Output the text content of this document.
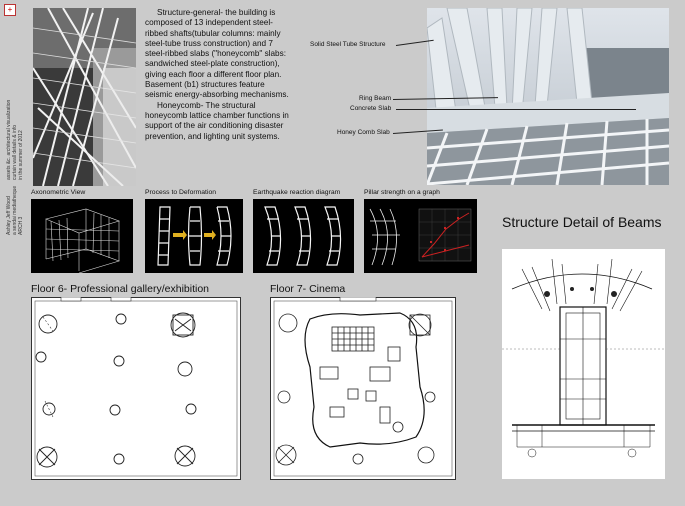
+
assets &c. architectural visualization curtain wall details & info in the summer of 2012
Ashley Jeff Wood a sendai mediatheque ARCH 3

Structure-general- the building is composed of 13 independent steel-ribbed shafts(tubular columns: mainly steel-tube truss construction) and 7 steel-ribbed slabs ("honeycomb" slabs: sandwiched steel-plate construction), giving each floor a different floor plan. Basement (b1) structures feature seismic energy-absorbing mechanisms.

Honeycomb- The structural honeycomb lattice chamber functions in support of the air conditioning disaster prevention, and lighting unit systems.

Solid Steel Tube Structure
Ring Beam
Concrete Slab
Honey Comb Slab
Axonometric View	Process to Deformation	Earthquake reaction diagram	Pillar strength on a graph
Floor 6- Professional gallery/exhibition	Floor 7- Cinema
Structure Detail of Beams
